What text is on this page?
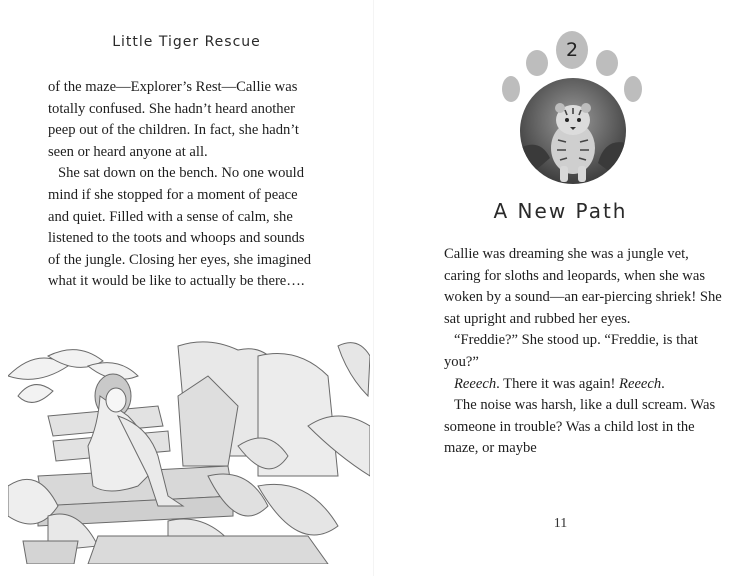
Little Tiger Rescue

of the maze—Explorer’s Rest—Callie was totally confused. She hadn’t heard another peep out of the children. In fact, she hadn’t seen or heard anyone at all.

She sat down on the bench. No one would mind if she stopped for a moment of peace and quiet. Filled with a sense of calm, she listened to the toots and whoops and sounds of the jungle. Closing her eyes, she imagined what it would be like to actually be there….

2
A New Path

Callie was dreaming she was a jungle vet, caring for sloths and leopards, when she was woken by a sound—an ear-piercing shriek! She sat upright and rubbed her eyes.

“Freddie?” She stood up. “Freddie, is that you?”

Reeech. There it was again! Reeech.

The noise was harsh, like a dull scream. Was someone in trouble? Was a child lost in the maze, or maybe

11
